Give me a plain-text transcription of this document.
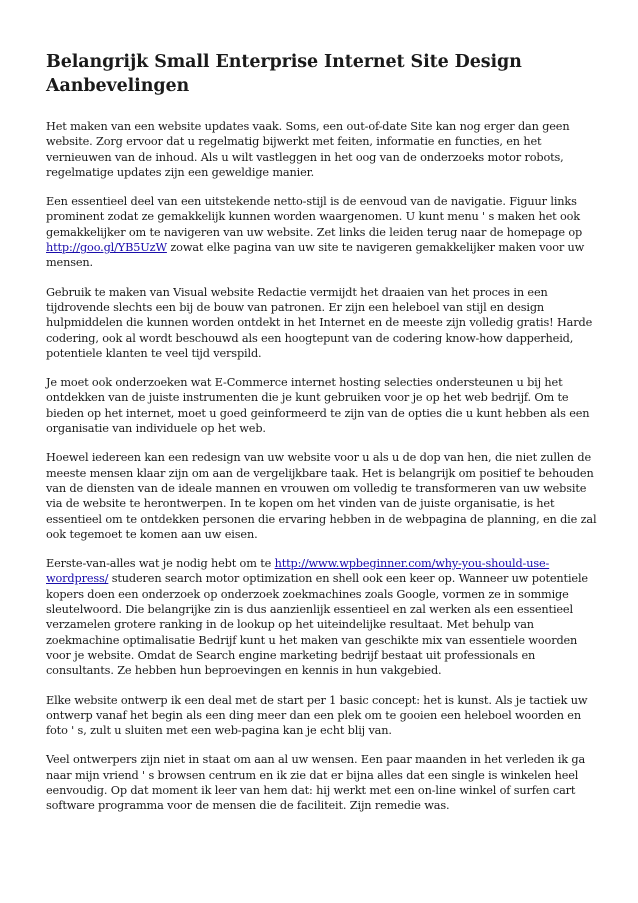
Belangrijk Small Enterprise Internet Site Design Aanbevelingen

Het maken van een website updates vaak. Soms, een out-of-date Site kan nog erger dan geen website. Zorg ervoor dat u regelmatig bijwerkt met feiten, informatie en functies, en het vernieuwen van de inhoud. Als u wilt vastleggen in het oog van de onderzoeks motor robots, regelmatige updates zijn een geweldige manier.

Een essentieel deel van een uitstekende netto-stijl is de eenvoud van de navigatie. Figuur links prominent zodat ze gemakkelijk kunnen worden waargenomen. U kunt menu ' s maken het ook gemakkelijker om te navigeren van uw website. Zet links die leiden terug naar de homepage op http://goo.gl/YB5UzW zowat elke pagina van uw site te navigeren gemakkelijker maken voor uw mensen.

Gebruik te maken van Visual website Redactie vermijdt het draaien van het proces in een tijdrovende slechts een bij de bouw van patronen. Er zijn een heleboel van stijl en design hulpmiddelen die kunnen worden ontdekt in het Internet en de meeste zijn volledig gratis! Harde codering, ook al wordt beschouwd als een hoogtepunt van de codering know-how dapperheid, potentiele klanten te veel tijd verspild.

Je moet ook onderzoeken wat E-Commerce internet hosting selecties ondersteunen u bij het ontdekken van de juiste instrumenten die je kunt gebruiken voor je op het web bedrijf. Om te bieden op het internet, moet u goed geinformeerd te zijn van de opties die u kunt hebben als een organisatie van individuele op het web.

Hoewel iedereen kan een redesign van uw website voor u als u de dop van hen, die niet zullen de meeste mensen klaar zijn om aan de vergelijkbare taak. Het is belangrijk om positief te behouden van de diensten van de ideale mannen en vrouwen om volledig te transformeren van uw website via de website te herontwerpen. In te kopen om het vinden van de juiste organisatie, is het essentieel om te ontdekken personen die ervaring hebben in de webpagina de planning, en die zal ook tegemoet te komen aan uw eisen.

Eerste-van-alles wat je nodig hebt om te http://www.wpbeginner.com/why-you-should-use-wordpress/ studeren search motor optimization en shell ook een keer op. Wanneer uw potentiele kopers doen een onderzoek op onderzoek zoekmachines zoals Google, vormen ze in sommige sleutelwoord. Die belangrijke zin is dus aanzienlijk essentieel en zal werken als een essentieel verzamelen grotere ranking in de lookup op het uiteindelijke resultaat. Met behulp van zoekmachine optimalisatie Bedrijf kunt u het maken van geschikte mix van essentiele woorden voor je website. Omdat de Search engine marketing bedrijf bestaat uit professionals en consultants. Ze hebben hun beproevingen en kennis in hun vakgebied.

Elke website ontwerp ik een deal met de start per 1 basic concept: het is kunst. Als je tactiek uw ontwerp vanaf het begin als een ding meer dan een plek om te gooien een heleboel woorden en foto ' s, zult u sluiten met een web-pagina kan je echt blij van.

Veel ontwerpers zijn niet in staat om aan al uw wensen. Een paar maanden in het verleden ik ga naar mijn vriend ' s browsen centrum en ik zie dat er bijna alles dat een single is winkelen heel eenvoudig. Op dat moment ik leer van hem dat: hij werkt met een on-line winkel of surfen cart software programma voor de mensen die de faciliteit. Zijn remedie was.
